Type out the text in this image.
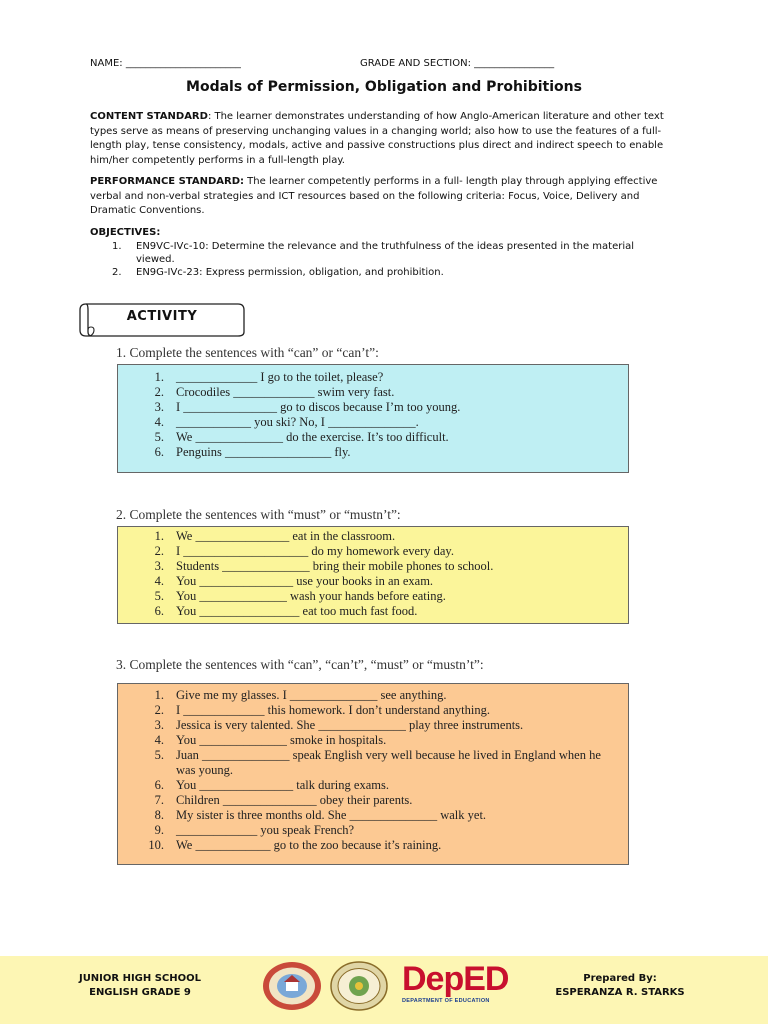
NAME: _______________________	GRADE AND SECTION: ________________
Modals of Permission, Obligation and Prohibitions
CONTENT STANDARD: The learner demonstrates understanding of how Anglo-American literature and other text types serve as means of preserving unchanging values in a changing world; also how to use the features of a full-length play, tense consistency, modals, active and passive constructions plus direct and indirect speech to enable him/her competently performs in a full-length play.
PERFORMANCE STANDARD: The learner competently performs in a full- length play through applying effective verbal and non-verbal strategies and ICT resources based on the following criteria: Focus, Voice, Delivery and Dramatic Conventions.
OBJECTIVES:
1. EN9VC-IVc-10: Determine the relevance and the truthfulness of the ideas presented in the material viewed.
2. EN9G-IVc-23: Express permission, obligation, and prohibition.
ACTIVITY
1. Complete the sentences with “can” or “can’t”:
1. _____________ I go to the toilet, please?
2. Crocodiles _____________ swim very fast.
3. I _______________ go to discos because I’m too young.
4. ____________ you ski? No, I ______________.
5. We ______________ do the exercise. It’s too difficult.
6. Penguins _________________ fly.
2. Complete the sentences with “must” or “mustn’t”:
1. We _______________ eat in the classroom.
2. I ____________________ do my homework every day.
3. Students ______________ bring their mobile phones to school.
4. You _______________ use your books in an exam.
5. You ______________ wash your hands before eating.
6. You ________________ eat too much fast food.
3. Complete the sentences with “can”, “can’t”, “must” or “mustn’t”:
1. Give me my glasses. I ______________ see anything.
2. I _____________ this homework. I don’t understand anything.
3. Jessica is very talented. She ______________ play three instruments.
4. You ______________ smoke in hospitals.
5. Juan ______________ speak English very well because he lived in England when he was young.
6. You _______________ talk during exams.
7. Children _______________ obey their parents.
8. My sister is three months old. She ______________ walk yet.
9. _____________ you speak French?
10. We ____________ go to the zoo because it’s raining.
JUNIOR HIGH SCHOOL
ENGLISH GRADE 9	DepED
DEPARTMENT OF EDUCATION
Prepared By:
ESPERANZA R. STARKS
